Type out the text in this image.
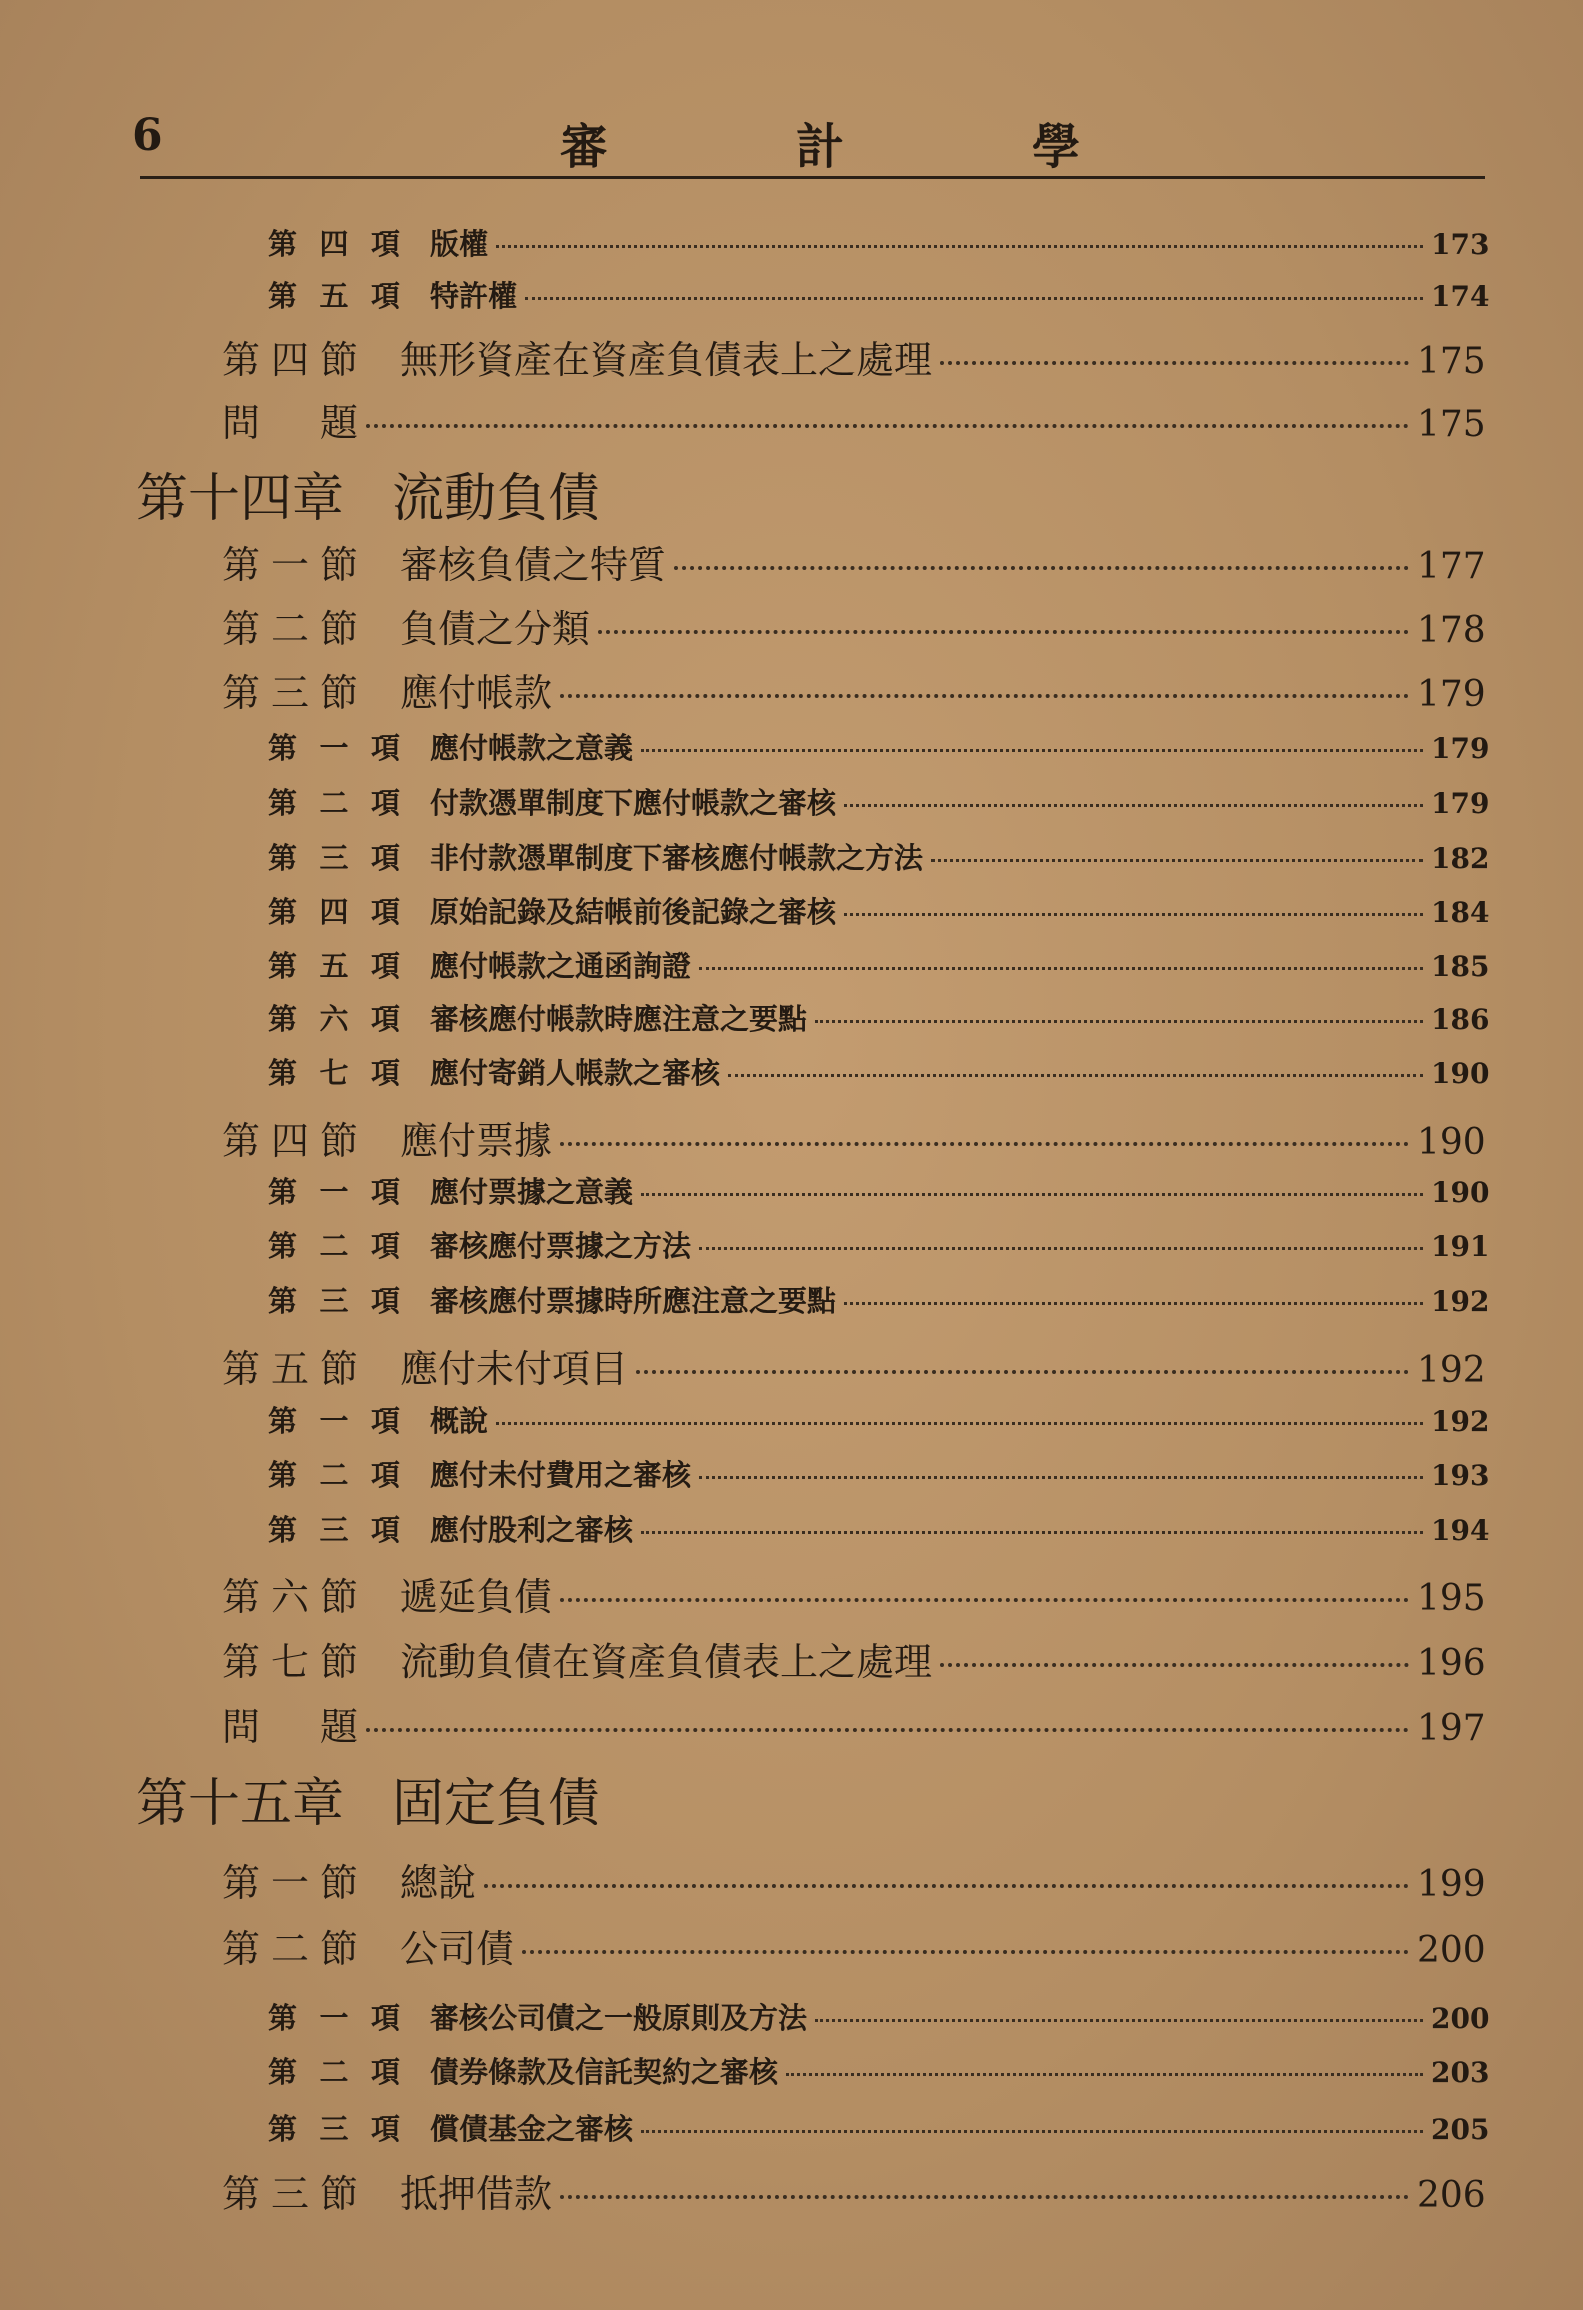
6	審	計	學
第四項 版權	173
第五項 特許權	174
第四節 無形資產在資產負債表上之處理	175
問 題	175
第十四章 流動負債
第一節 審核負債之特質	177
第二節 負債之分類	178
第三節 應付帳款	179
第一項 應付帳款之意義	179
第二項 付款憑單制度下應付帳款之審核	179
第三項 非付款憑單制度下審核應付帳款之方法	182
第四項 原始記錄及結帳前後記錄之審核	184
第五項 應付帳款之通函詢證	185
第六項 審核應付帳款時應注意之要點	186
第七項 應付寄銷人帳款之審核	190
第四節 應付票據	190
第一項 應付票據之意義	190
第二項 審核應付票據之方法	191
第三項 審核應付票據時所應注意之要點	192
第五節 應付未付項目	192
第一項 概說	192
第二項 應付未付費用之審核	193
第三項 應付股利之審核	194
第六節 遞延負債	195
第七節 流動負債在資產負債表上之處理	196
問 題	197
第十五章 固定負債
第一節 總說	199
第二節 公司債	200
第一項 審核公司債之一般原則及方法	200
第二項 債券條款及信託契約之審核	203
第三項 償債基金之審核	205
第三節 抵押借款	206
